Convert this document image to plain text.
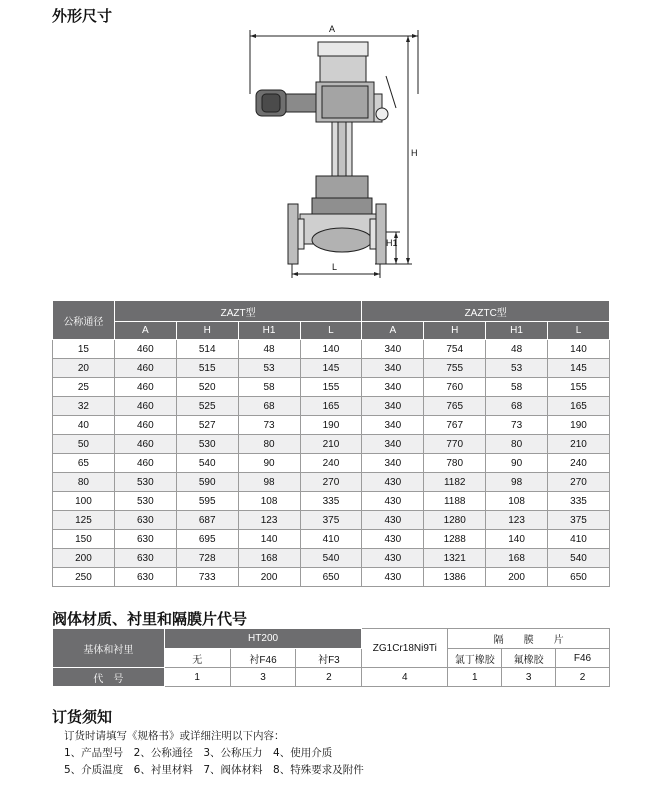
外形尺寸
A
H
H1
L
公称通径	ZAZT型				ZAZTC型			
	A	H	H1	L	A	H	H1	L
15	460	514	48	140	340	754	48	140
20	460	515	53	145	340	755	53	145
25	460	520	58	155	340	760	58	155
32	460	525	68	165	340	765	68	165
40	460	527	73	190	340	767	73	190
50	460	530	80	210	340	770	80	210
65	460	540	90	240	340	780	90	240
80	530	590	98	270	430	1182	98	270
100	530	595	108	335	430	1188	108	335
125	630	687	123	375	430	1280	123	375
150	630	695	140	410	430	1288	140	410
200	630	728	168	540	430	1321	168	540
250	630	733	200	650	430	1386	200	650
阀体材质、衬里和隔膜片代号
基体和衬里	HT200			ZG1Cr18Ni9Ti	隔　　膜　　片		
	无	衬F46	衬F3		氯丁橡胶	氟橡胶	F46
代　号	1	3	2	4	1	3	2
订货须知
订货时请填写《规格书》或详细注明以下内容：
1、产品型号　2、公称通径　3、公称压力　4、使用介质
5、介质温度　6、衬里材料　7、阀体材料　8、特殊要求及附件
